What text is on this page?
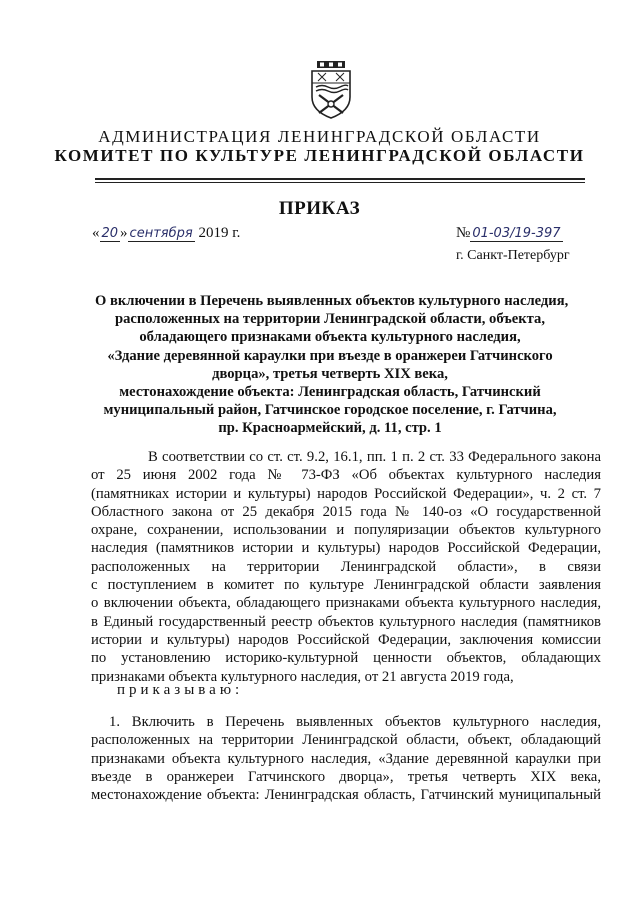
АДМИНИСТРАЦИЯ ЛЕНИНГРАДСКОЙ ОБЛАСТИ
КОМИТЕТ ПО КУЛЬТУРЕ ЛЕНИНГРАДСКОЙ ОБЛАСТИ
ПРИКАЗ
« 20 » сентября 2019 г.	№ 01-03/19-397
г. Санкт-Петербург
О включении в Перечень выявленных объектов культурного наследия,
расположенных на территории Ленинградской области, объекта,
обладающего признаками объекта культурного наследия,
«Здание деревянной караулки при въезде в оранжереи Гатчинского
дворца», третья четверть XIX века,
местонахождение объекта: Ленинградская область, Гатчинский
муниципальный район, Гатчинское городское поселение, г. Гатчина,
пр. Красноармейский, д. 11, стр. 1
В соответствии со ст. ст. 9.2, 16.1, пп. 1 п. 2 ст. 33 Федерального закона
от 25 июня 2002 года № 73-ФЗ «Об объектах культурного наследия
(памятниках истории и культуры) народов Российской Федерации», ч. 2 ст. 7
Областного закона от 25 декабря 2015 года № 140-оз «О государственной
охране, сохранении, использовании и популяризации объектов культурного
наследия (памятников истории и культуры) народов Российской Федерации,
расположенных на территории Ленинградской области», в связи
с поступлением в комитет по культуре Ленинградской области заявления
о включении объекта, обладающего признаками объекта культурного наследия,
в Единый государственный реестр объектов культурного наследия (памятников
истории и культуры) народов Российской Федерации, заключения комиссии
по установлению историко-культурной ценности объектов, обладающих
признаками объекта культурного наследия, от 21 августа 2019 года,
приказываю:
1. Включить в Перечень выявленных объектов культурного наследия,
расположенных на территории Ленинградской области, объект, обладающий
признаками объекта культурного наследия, «Здание деревянной караулки при
въезде в оранжереи Гатчинского дворца», третья четверть XIX века,
местонахождение объекта: Ленинградская область, Гатчинский муниципальный
